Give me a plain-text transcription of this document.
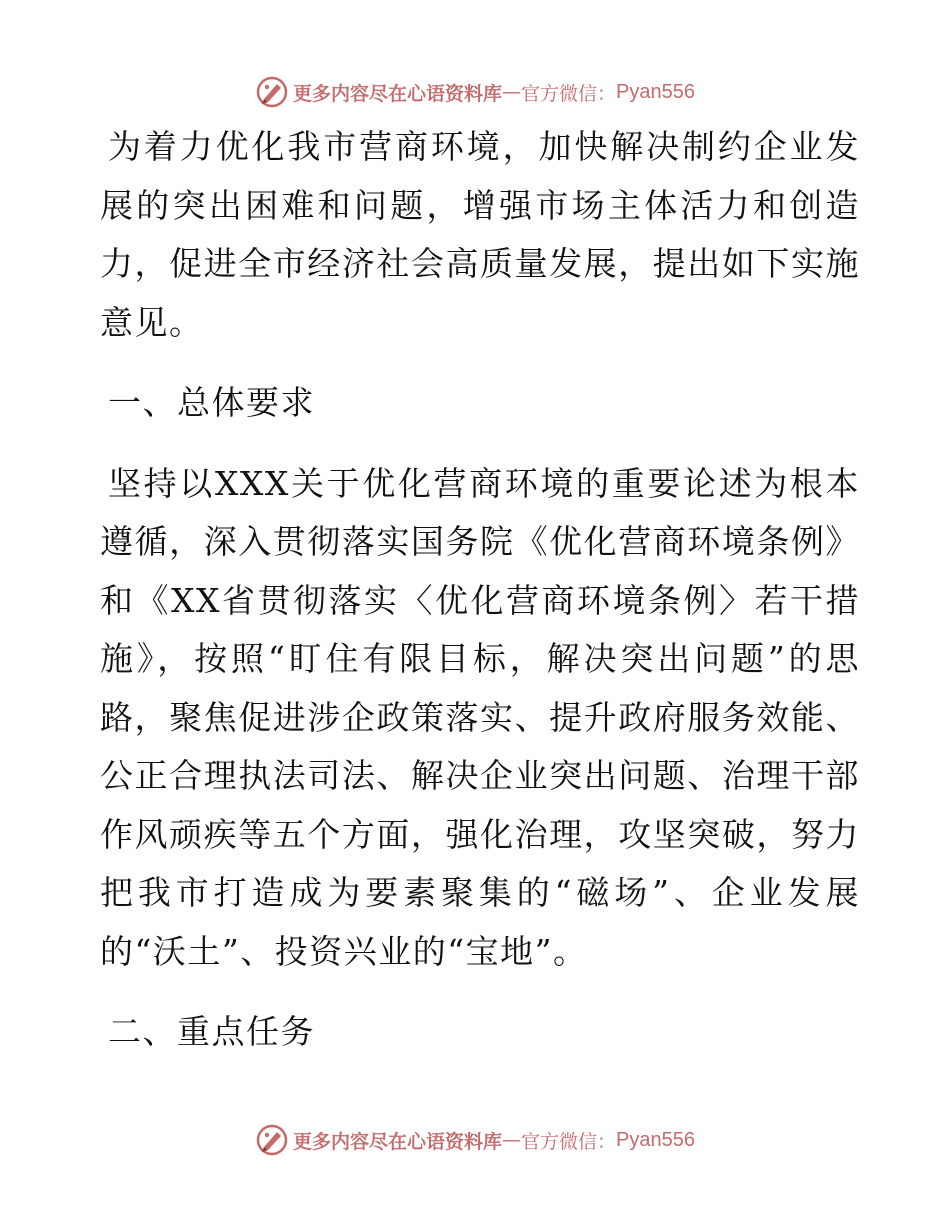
更多内容尽在心语资料库 — 官方微信： Pyan556

为着力优化我市营商环境，加快解决制约企业发展的突出困难和问题，增强市场主体活力和创造力，促进全市经济社会高质量发展，提出如下实施意见。

一、总体要求

坚持以XXX关于优化营商环境的重要论述为根本遵循，深入贯彻落实国务院《优化营商环境条例》和《XX省贯彻落实〈优化营商环境条例〉若干措施》，按照“盯住有限目标，解决突出问题”的思路，聚焦促进涉企政策落实、提升政府服务效能、公正合理执法司法、解决企业突出问题、治理干部作风顽疾等五个方面，强化治理，攻坚突破，努力把我市打造成为要素聚集的“磁场”、企业发展的“沃土”、投资兴业的“宝地”。

二、重点任务

更多内容尽在心语资料库 — 官方微信： Pyan556
